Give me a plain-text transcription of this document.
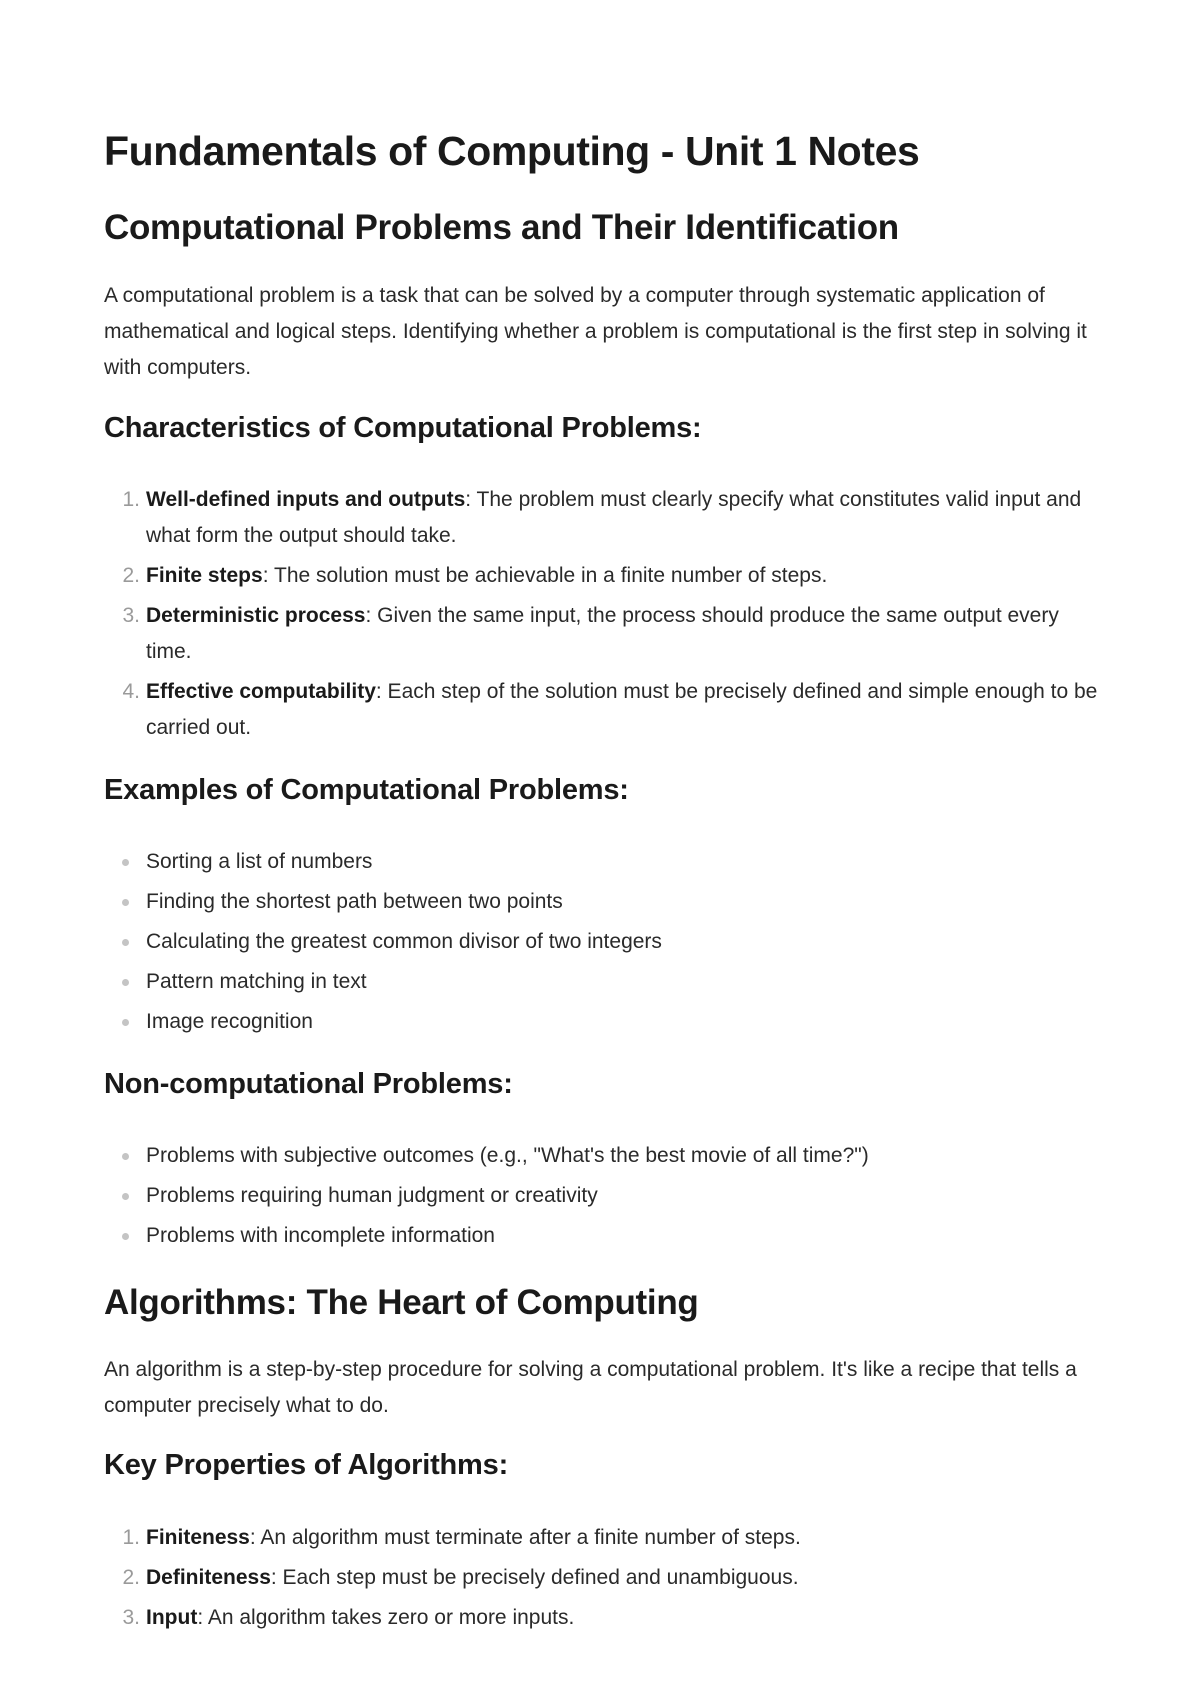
Fundamentals of Computing - Unit 1 Notes
Computational Problems and Their Identification

A computational problem is a task that can be solved by a computer through systematic application of mathematical and logical steps. Identifying whether a problem is computational is the first step in solving it with computers.

Characteristics of Computational Problems:
1. Well-defined inputs and outputs: The problem must clearly specify what constitutes valid input and what form the output should take.
2. Finite steps: The solution must be achievable in a finite number of steps.
3. Deterministic process: Given the same input, the process should produce the same output every time.
4. Effective computability: Each step of the solution must be precisely defined and simple enough to be carried out.
Examples of Computational Problems:
Sorting a list of numbers
Finding the shortest path between two points
Calculating the greatest common divisor of two integers
Pattern matching in text
Image recognition
Non-computational Problems:
Problems with subjective outcomes (e.g., "What's the best movie of all time?")
Problems requiring human judgment or creativity
Problems with incomplete information
Algorithms: The Heart of Computing

An algorithm is a step-by-step procedure for solving a computational problem. It's like a recipe that tells a computer precisely what to do.

Key Properties of Algorithms:
1. Finiteness: An algorithm must terminate after a finite number of steps.
2. Definiteness: Each step must be precisely defined and unambiguous.
3. Input: An algorithm takes zero or more inputs.
